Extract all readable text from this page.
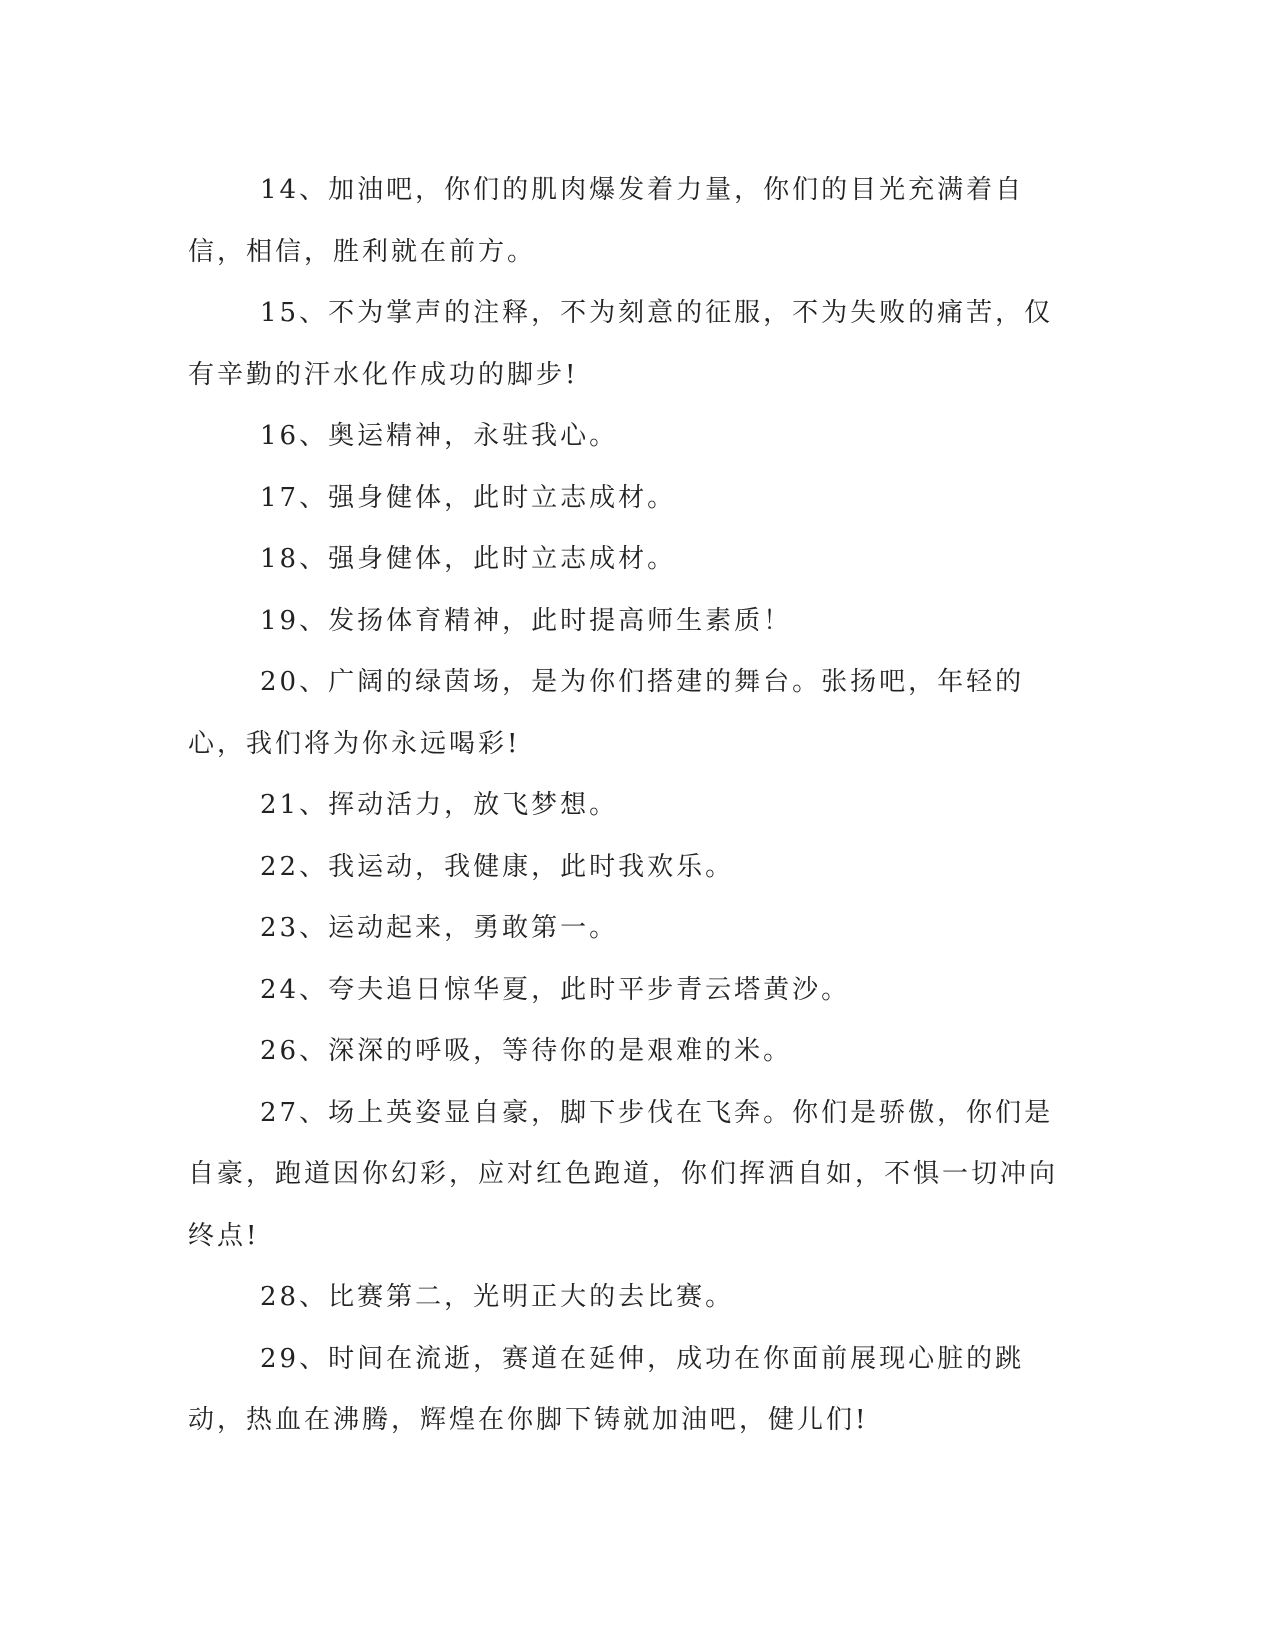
14、加油吧，你们的肌肉爆发着力量，你们的目光充满着自信，相信，胜利就在前方。

15、不为掌声的注释，不为刻意的征服，不为失败的痛苦，仅有辛勤的汗水化作成功的脚步!

16、奥运精神，永驻我心。

17、强身健体，此时立志成材。

18、强身健体，此时立志成材。

19、发扬体育精神，此时提高师生素质！

20、广阔的绿茵场，是为你们搭建的舞台。张扬吧，年轻的心，我们将为你永远喝彩!

21、挥动活力，放飞梦想。

22、我运动，我健康，此时我欢乐。

23、运动起来，勇敢第一。

24、夸夫追日惊华夏，此时平步青云塔黄沙。

26、深深的呼吸，等待你的是艰难的米。

27、场上英姿显自豪，脚下步伐在飞奔。你们是骄傲，你们是自豪，跑道因你幻彩，应对红色跑道，你们挥洒自如，不惧一切冲向终点!

28、比赛第二，光明正大的去比赛。

29、时间在流逝，赛道在延伸，成功在你面前展现心脏的跳动，热血在沸腾，辉煌在你脚下铸就加油吧，健儿们!
